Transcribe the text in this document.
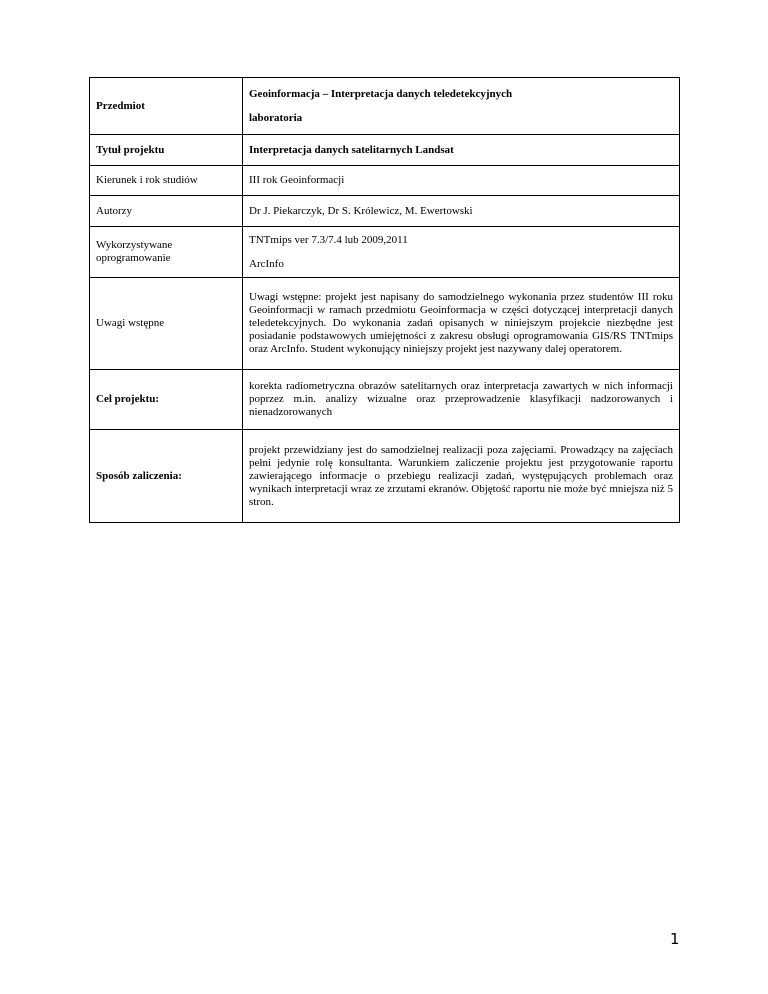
Przedmiot	Geoinformacja – Interpretacja danych teledetekcyjnych
laboratoria

Tytuł projektu	Interpretacja danych satelitarnych Landsat
Kierunek i rok studiów	III rok Geoinformacji
Autorzy	Dr J. Piekarczyk, Dr S. Królewicz, M. Ewertowski
Wykorzystywane oprogramowanie	TNTmips ver 7.3/7.4 lub 2009,2011
ArcInfo

Uwagi wstępne	Uwagi wstępne: projekt jest napisany do samodzielnego wykonania przez studentów III roku Geoinformacji w ramach przedmiotu Geoinformacja w części dotyczącej interpretacji danych teledetekcyjnych. Do wykonania zadań opisanych w niniejszym projekcie niezbędne jest posiadanie podstawowych umiejętności z zakresu obsługi oprogramowania GIS/RS TNTmips oraz ArcInfo. Student wykonujący niniejszy projekt jest nazywany dalej operatorem.
Cel projektu:	korekta radiometryczna obrazów satelitarnych oraz interpretacja zawartych w nich informacji poprzez m.in. analizy wizualne oraz przeprowadzenie klasyfikacji nadzorowanych i nienadzorowanych
Sposób zaliczenia:	projekt przewidziany jest do samodzielnej realizacji poza zajęciami. Prowadzący na zajęciach pełni jedynie rolę konsultanta. Warunkiem zaliczenie projektu jest przygotowanie raportu zawierającego informacje o przebiegu realizacji zadań, występujących problemach oraz wynikach interpretacji wraz ze zrzutami ekranów. Objętość raportu nie może być mniejsza niż 5 stron.
1
